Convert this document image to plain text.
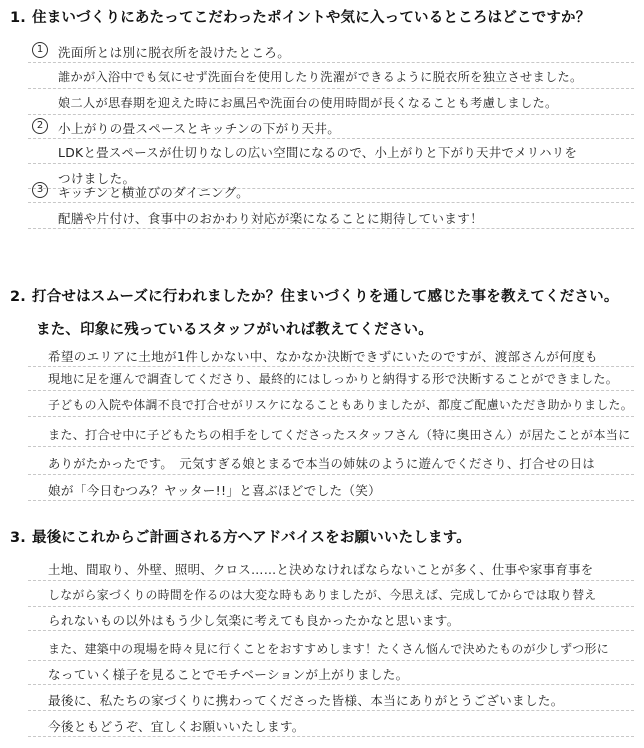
1. 住まいづくりにあたってこだわったポイントや気に入っているところはどこですか？
1	洗面所とは別に脱衣所を設けたところ。
誰かが入浴中でも気にせず洗面台を使用したり洗濯ができるように脱衣所を独立させました。
娘二人が思春期を迎えた時にお風呂や洗面台の使用時間が長くなることも考慮しました。
2	小上がりの畳スペースとキッチンの下がり天井。
LDKと畳スペースが仕切りなしの広い空間になるので、小上がりと下がり天井でメリハリを
つけました。
3	キッチンと横並びのダイニング。
配膳や片付け、食事中のおかわり対応が楽になることに期待しています！
2. 打合せはスムーズに行われましたか？住まいづくりを通して感じた事を教えてください。
また、印象に残っているスタッフがいれば教えてください。
希望のエリアに土地が1件しかない中、なかなか決断できずにいたのですが、渡部さんが何度も
現地に足を運んで調査してくださり、最終的にはしっかりと納得する形で決断することができました。
子どもの入院や体調不良で打合せがリスケになることもありましたが、都度ご配慮いただき助かりました。
また、打合せ中に子どもたちの相手をしてくださったスタッフさん（特に奥田さん）が居たことが本当に
ありがたかったです。　元気すぎる娘とまるで本当の姉妹のように遊んでくださり、打合せの日は
娘が「今日むつみ？ヤッター!!」と喜ぶほどでした（笑）
3. 最後にこれからご計画される方へアドバイスをお願いいたします。
土地、間取り、外壁、照明、クロス……と決めなければならないことが多く、仕事や家事育事を
しながら家づくりの時間を作るのは大変な時もありましたが、今思えば、完成してからでは取り替え
られないもの以外はもう少し気楽に考えても良かったかなと思います。
また、建築中の現場を時々見に行くことをおすすめします！たくさん悩んで決めたものが少しずつ形に
なっていく様子を見ることでモチベーションが上がりました。
最後に、私たちの家づくりに携わってくださった皆様、本当にありがとうございました。
今後ともどうぞ、宜しくお願いいたします。
